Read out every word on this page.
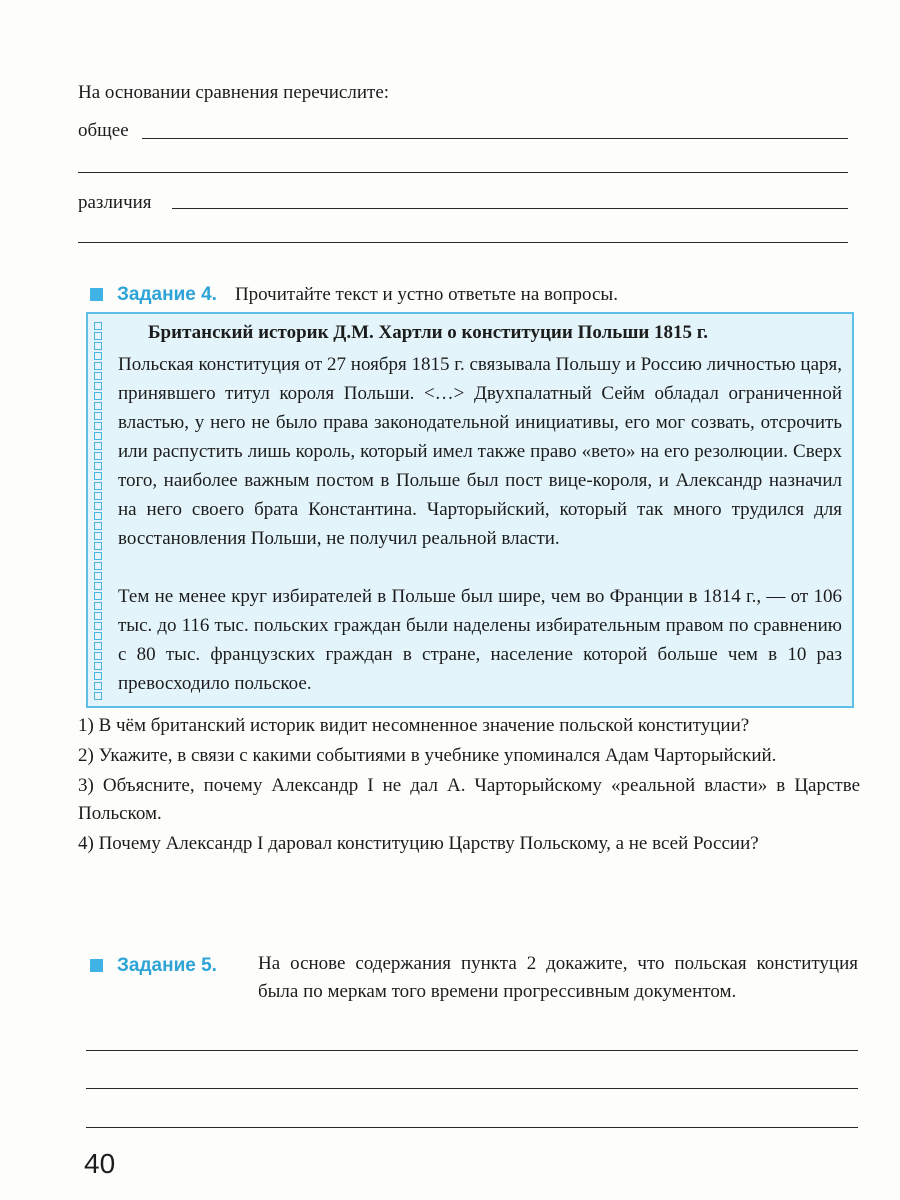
На основании сравнения перечислите:
общее
различия
Задание 4. Прочитайте текст и устно ответьте на вопросы.
Британский историк Д.М. Хартли о конституции Польши 1815 г.

Польская конституция от 27 ноября 1815 г. связывала Польшу и Россию личностью царя, принявшего титул короля Польши. <…> Двухпалатный Сейм обладал ограниченной властью, у него не было права законодательной инициативы, его мог созвать, отсрочить или распустить лишь король, который имел также право «вето» на его резолюции. Сверх того, наиболее важным постом в Польше был пост вице-короля, и Александр назначил на него своего брата Константина. Чарторыйский, который так много трудился для восстановления Польши, не получил реальной власти.

Тем не менее круг избирателей в Польше был шире, чем во Франции в 1814 г., — от 106 тыс. до 116 тыс. польских граждан были наделены избирательным правом по сравнению с 80 тыс. французских граждан в стране, население которой больше чем в 10 раз превосходило польское.

1) В чём британский историк видит несомненное значение польской конституции?

2) Укажите, в связи с какими событиями в учебнике упоминался Адам Чарторыйский.

3) Объясните, почему Александр I не дал А. Чарторыйскому «реальной власти» в Царстве Польском.

4) Почему Александр I даровал конституцию Царству Польскому, а не всей России?

Задание 5. На основе содержания пункта 2 докажите, что польская конституция была по меркам того времени прогрессивным документом.
40
